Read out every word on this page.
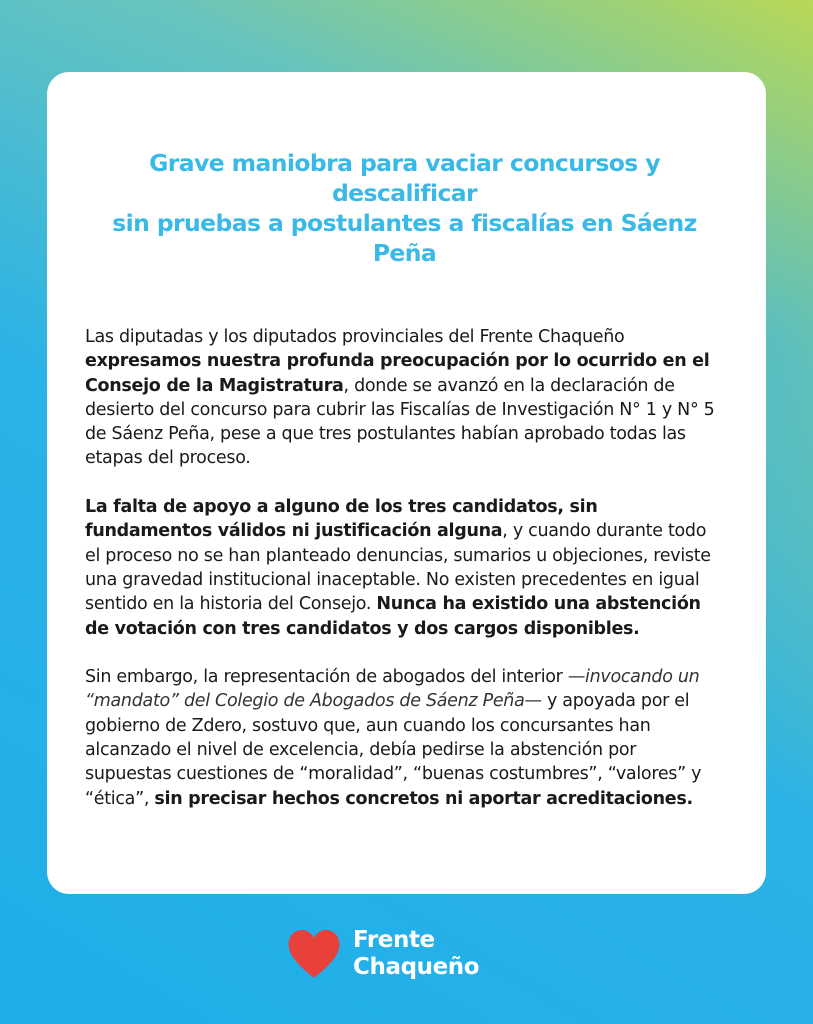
Grave maniobra para vaciar concursos y descalificar
sin pruebas a postulantes a fiscalías en Sáenz Peña

Las diputadas y los diputados provinciales del Frente Chaqueño expresamos nuestra profunda preocupación por lo ocurrido en el Consejo de la Magistratura, donde se avanzó en la declaración de desierto del concurso para cubrir las Fiscalías de Investigación N° 1 y N° 5 de Sáenz Peña, pese a que tres postulantes habían aprobado todas las etapas del proceso.

La falta de apoyo a alguno de los tres candidatos, sin fundamentos válidos ni justificación alguna, y cuando durante todo el proceso no se han planteado denuncias, sumarios u objeciones, reviste una gravedad institucional inaceptable. No existen precedentes en igual sentido en la historia del Consejo. Nunca ha existido una abstención de votación con tres candidatos y dos cargos disponibles.

Sin embargo, la representación de abogados del interior —invocando un “mandato” del Colegio de Abogados de Sáenz Peña— y apoyada por el gobierno de Zdero, sostuvo que, aun cuando los concursantes han alcanzado el nivel de excelencia, debía pedirse la abstención por supuestas cuestiones de “moralidad”, “buenas costumbres”, “valores” y “ética”, sin precisar hechos concretos ni aportar acreditaciones.

Frente
Chaqueño
